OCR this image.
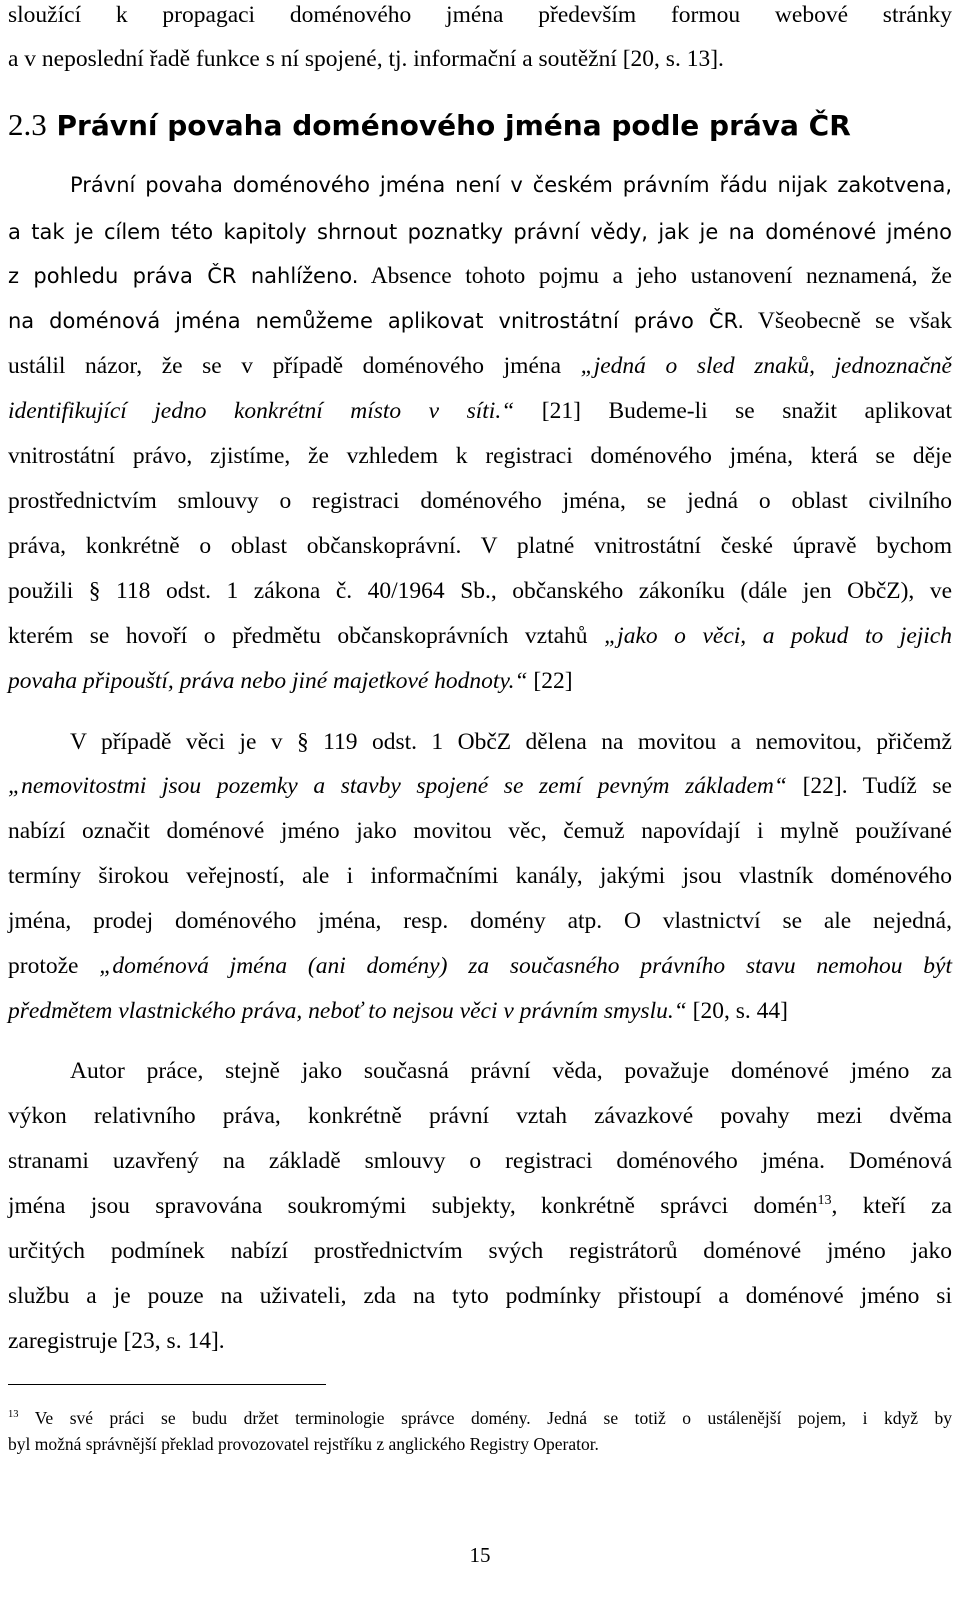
sloužící k propagaci doménového jména především formou webové stránky
a v neposlední řadě funkce s ní spojené, tj. informační a soutěžní [20, s. 13].
2.3 Právní povaha doménového jména podle práva ČR
Právní povaha doménového jména není v českém právním řádu nijak zakotvena,
a tak je cílem této kapitoly shrnout poznatky právní vědy, jak je na doménové jméno
z pohledu práva ČR nahlíženo. Absence tohoto pojmu a jeho ustanovení neznamená, že
na doménová jména nemůžeme aplikovat vnitrostátní právo ČR. Všeobecně se však
ustálil názor, že se v případě doménového jména „jedná o sled znaků, jednoznačně
identifikující jedno konkrétní místo v síti.“ [21] Budeme-li se snažit aplikovat
vnitrostátní právo, zjistíme, že vzhledem k registraci doménového jména, která se děje
prostřednictvím smlouvy o registraci doménového jména, se jedná o oblast civilního
práva, konkrétně o oblast občanskoprávní. V platné vnitrostátní české úpravě bychom
použili § 118 odst. 1 zákona č. 40/1964 Sb., občanského zákoníku (dále jen ObčZ), ve
kterém se hovoří o předmětu občanskoprávních vztahů „jako o věci, a pokud to jejich
povaha připouští, práva nebo jiné majetkové hodnoty.“ [22]
V případě věci je v § 119 odst. 1 ObčZ dělena na movitou a nemovitou, přičemž
„nemovitostmi jsou pozemky a stavby spojené se zemí pevným základem“ [22]. Tudíž se
nabízí označit doménové jméno jako movitou věc, čemuž napovídají i mylně používané
termíny širokou veřejností, ale i informačními kanály, jakými jsou vlastník doménového
jména, prodej doménového jména, resp. domény atp. O vlastnictví se ale nejedná,
protože „doménová jména (ani domény) za současného právního stavu nemohou být
předmětem vlastnického práva, neboť to nejsou věci v právním smyslu.“ [20, s. 44]
Autor práce, stejně jako současná právní věda, považuje doménové jméno za
výkon relativního práva, konkrétně právní vztah závazkové povahy mezi dvěma
stranami uzavřený na základě smlouvy o registraci doménového jména. Doménová
jména jsou spravována soukromými subjekty, konkrétně správci domén$^{13}$, kteří za
určitých podmínek nabízí prostřednictvím svých registrátorů doménové jméno jako
službu a je pouze na uživateli, zda na tyto podmínky přistoupí a doménové jméno si
zaregistruje [23, s. 14].
$^{13}$ Ve své práci se budu držet terminologie správce domény. Jedná se totiž o ustálenější pojem, i když by
byl možná správnější překlad provozovatel rejstříku z anglického Registry Operator.
15
